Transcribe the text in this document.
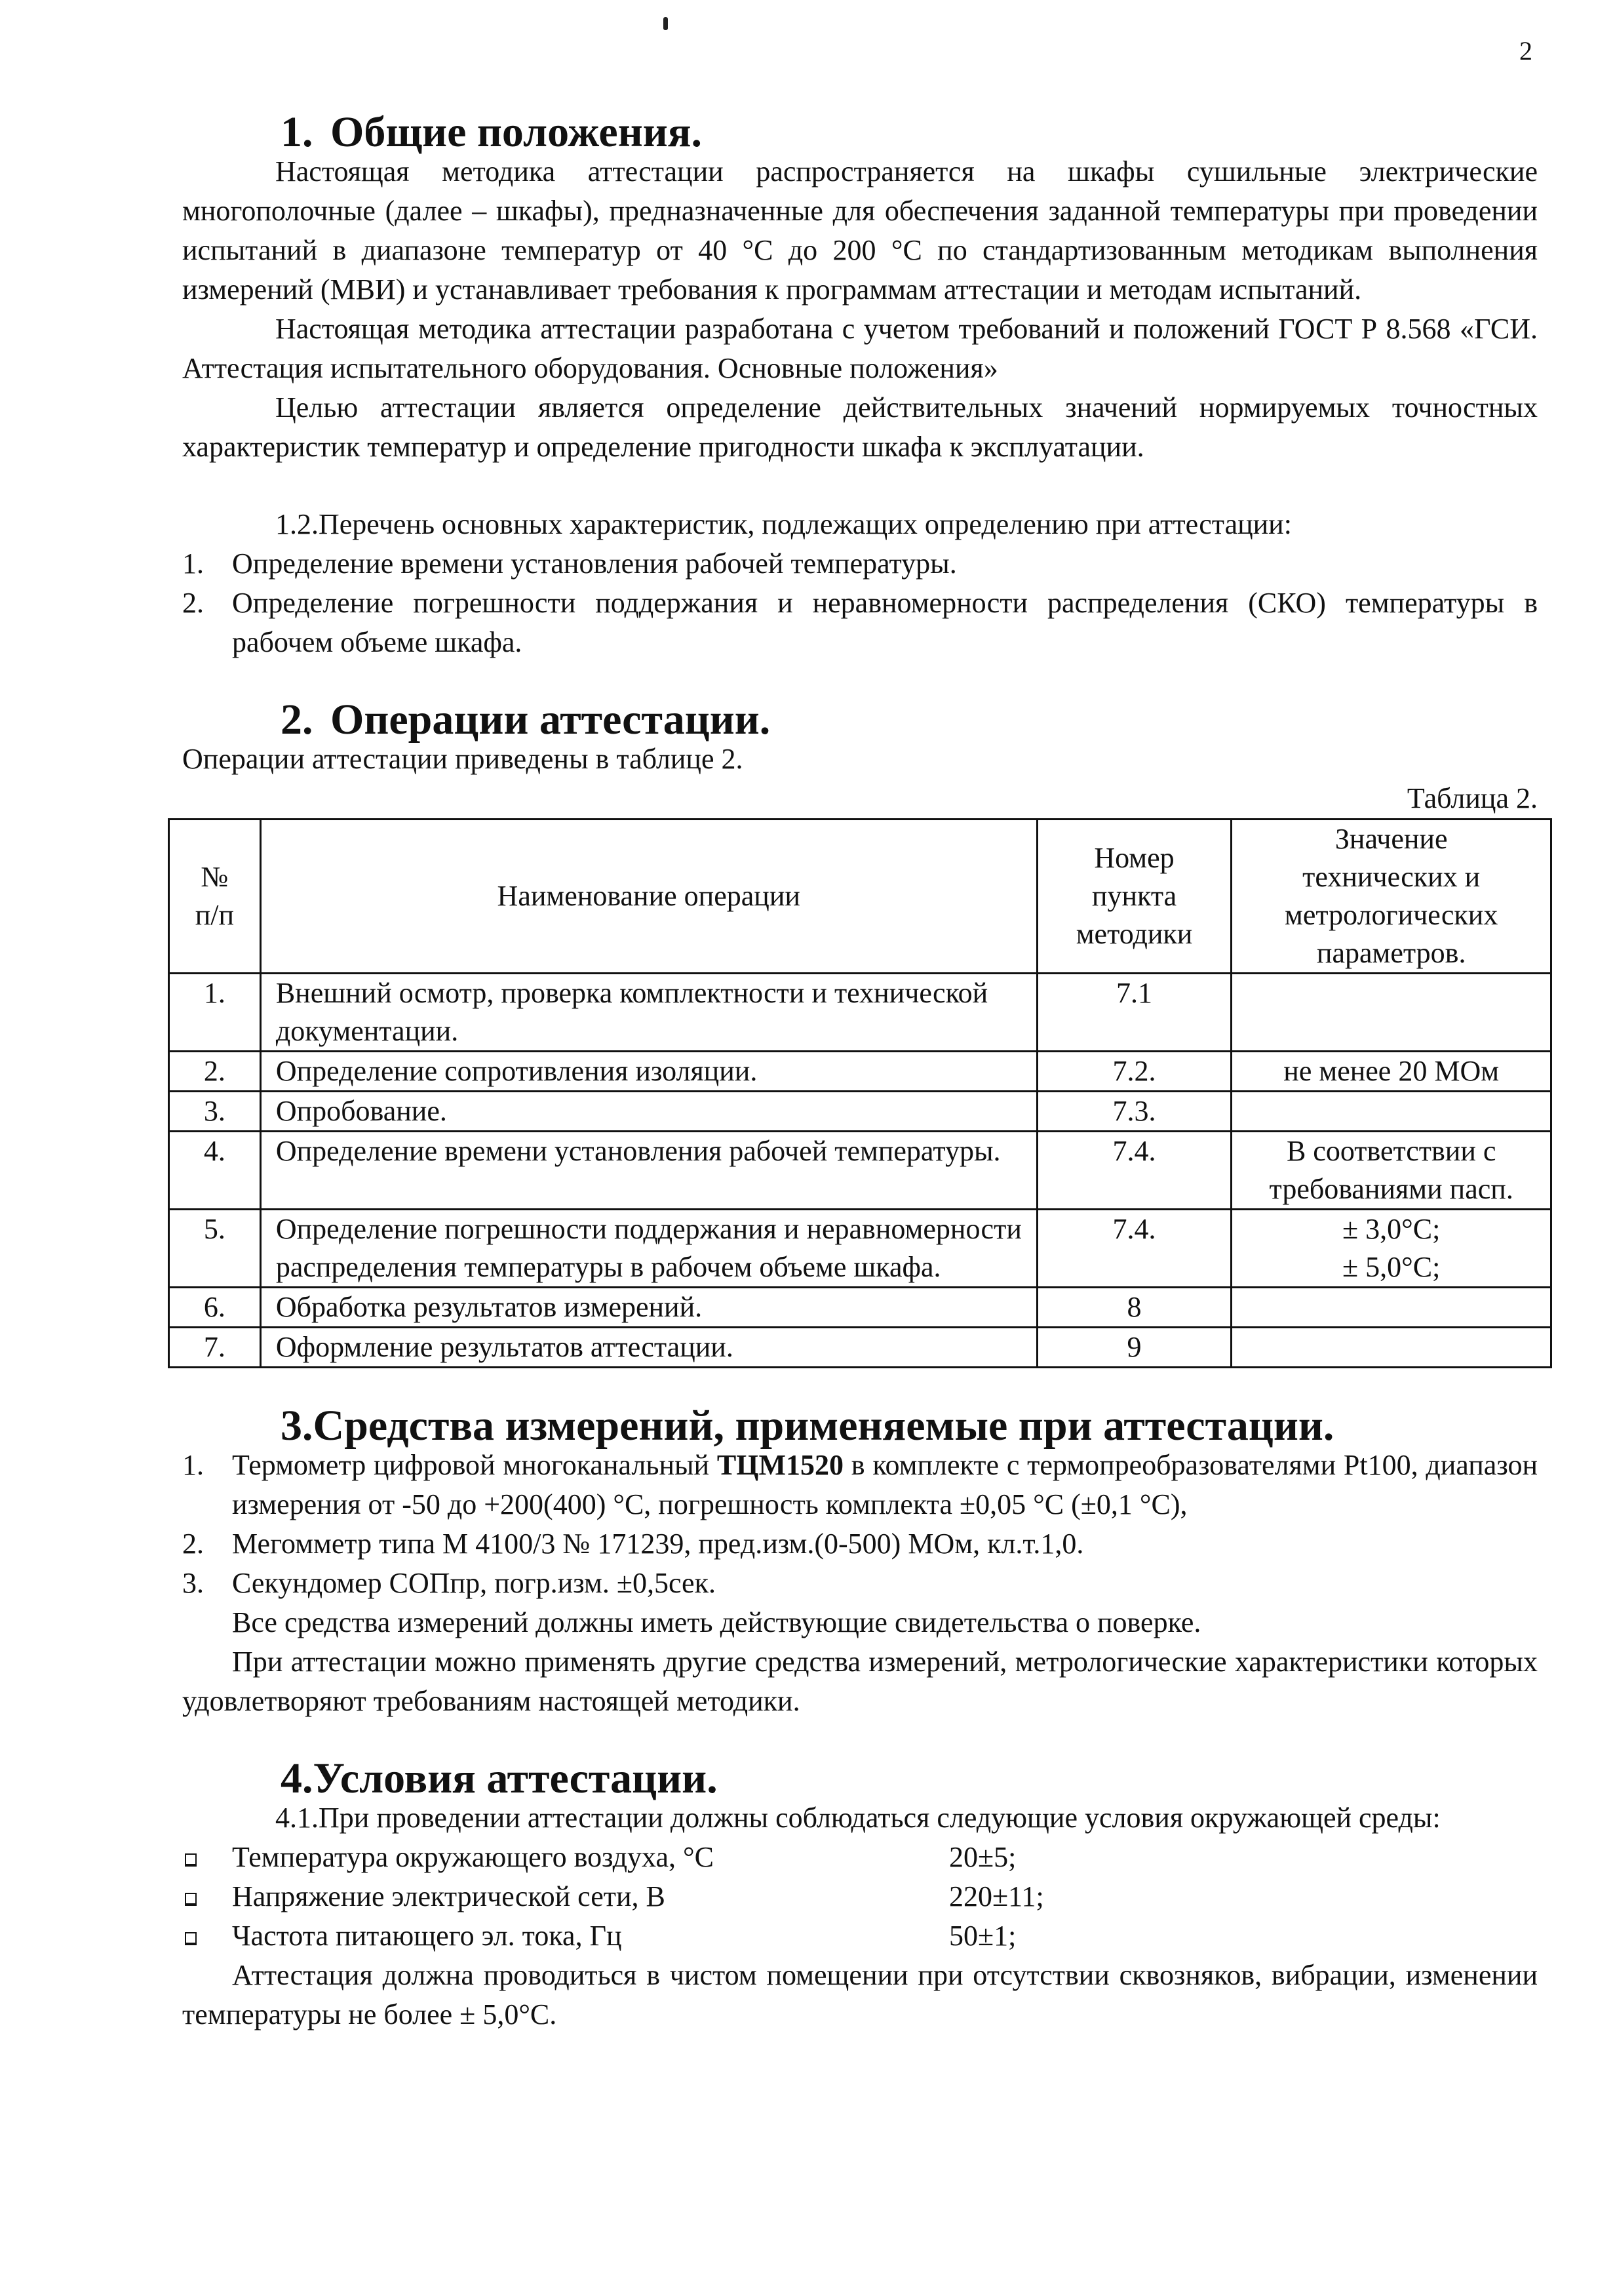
2
1. Общие положения.

Настоящая методика аттестации распространяется на шкафы сушильные электрические многополочные (далее – шкафы), предназначенные для обеспечения заданной температуры при проведении испытаний в диапазоне температур от 40 °С до 200 °С по стандартизованным методикам выполнения измерений (МВИ) и устанавливает требования к программам аттестации и методам испытаний.

Настоящая методика аттестации разработана с учетом требований и положений ГОСТ Р 8.568 «ГСИ. Аттестация испытательного оборудования. Основные положения»

Целью аттестации является определение действительных значений нормируемых точностных характеристик температур и определение пригодности шкафа к эксплуатации.

1.2.Перечень основных характеристик, подлежащих определению при аттестации:

1. Определение времени установления рабочей температуры.
2. Определение погрешности поддержания и неравномерности распределения (СКО) температуры в рабочем объеме шкафа.
2. Операции аттестации.

Операции аттестации приведены в таблице 2.

Таблица 2.

№
п/п	Наименование операции	Номер
пункта
методики	Значение
технических и
метрологических
параметров.

1.	Внешний осмотр, проверка комплектности и технической документации.	7.1	

2.	Определение сопротивления изоляции.	7.2.	не менее 20 МОм
3.	Опробование.	7.3.	
4.	Определение времени установления рабочей температуры.	7.4.	В соответствии с
требованиями пасп.

5.	Определение погрешности поддержания и неравномерности распределения температуры в рабочем объеме шкафа.	7.4.	± 3,0°С;
± 5,0°С;

6.	Обработка результатов измерений.	8	
7.	Оформление результатов аттестации.	9	
3.Средства измерений, применяемые при аттестации.
1. Термометр цифровой многоканальный ТЦМ1520 в комплекте с термопреобразователями Pt100, диапазон измерения от -50 до +200(400) °С, погрешность комплекта ±0,05 °С (±0,1 °С),
2. Мегомметр типа М 4100/3 № 171239, пред.изм.(0-500) МОм, кл.т.1,0.
3. Секундомер СОПпр, погр.изм. ±0,5сек.

Все средства измерений должны иметь действующие свидетельства о поверке.

При аттестации можно применять другие средства измерений, метрологические характеристики которых удовлетворяют требованиям настоящей методики.

4.Условия аттестации.

4.1.При проведении аттестации должны соблюдаться следующие условия окружающей среды:

Температура окружающего воздуха, °С	20±5;
Напряжение электрической сети, В	220±11;
Частота питающего эл. тока, Гц	50±1;

Аттестация должна проводиться в чистом помещении при отсутствии сквозняков, вибрации, изменении температуры не более ± 5,0°С.
